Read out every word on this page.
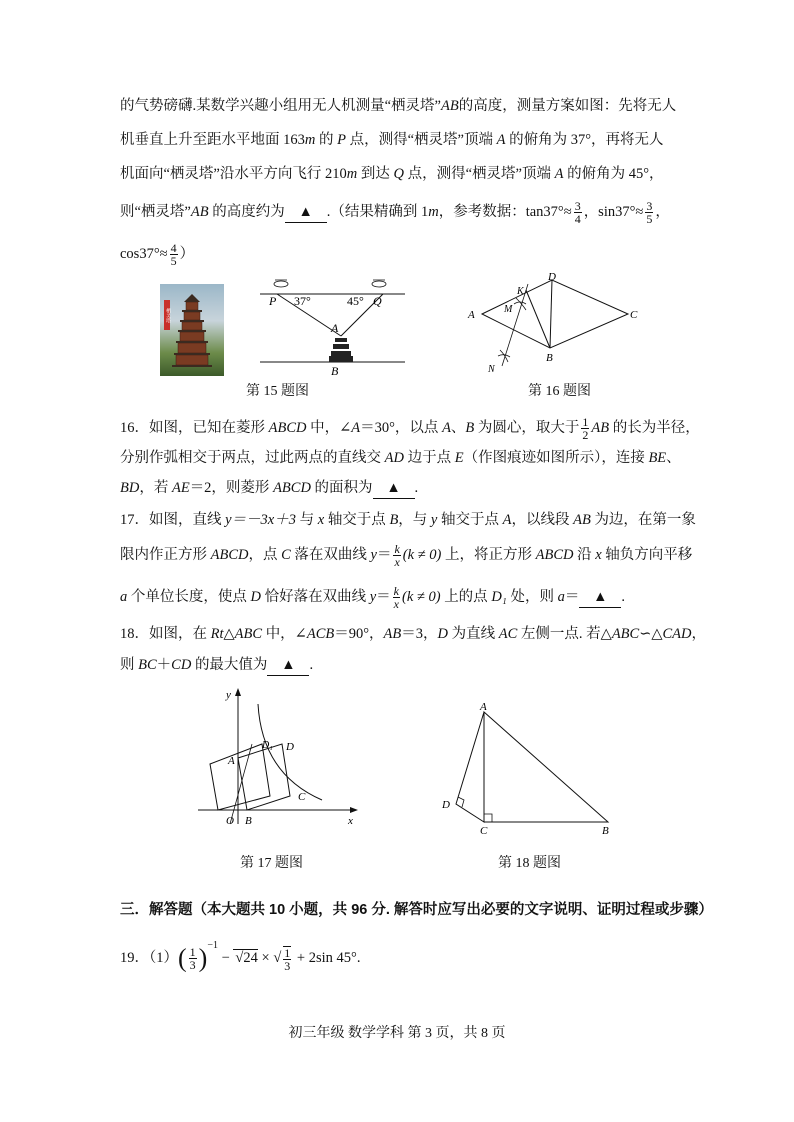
的气势磅礴.某数学兴趣小组用无人机测量“栖灵塔”AB的高度，测量方案如图：先将无人
机垂直上升至距水平地面 163m 的 P 点，测得“栖灵塔”顶端 A 的俯角为 37°，再将无人
机面向“栖灵塔”沿水平方向飞行 210m 到达 Q 点，测得“栖灵塔”顶端 A 的俯角为 45°，
则“栖灵塔”AB 的高度约为 ▲ .（结果精确到 1m，参考数据：$\tan 37^\circ\approx \frac{3}{4}$ ，$\sin 37^\circ\approx \frac{3}{5}$ ，
$\cos 37^\circ\approx \frac{4}{5}$ ）
栖灵塔
P 37°	45° Q
A
B
第 15 题图
A
D
C
B
K
M
N
第 16 题图
16．如图，已知在菱形 ABCD 中，∠A＝30°，以点 A、B 为圆心，取大于 $\frac{1}{2}$ AB 的长为半径，
分别作弧相交于两点，过此两点的直线交 AD 边于点 E（作图痕迹如图所示），连接 BE、
BD，若 AE＝2，则菱形 ABCD 的面积为 ▲ .
17．如图，直线 y＝－3x＋3 与 x 轴交于点 B，与 y 轴交于点 A，以线段 AB 为边，在第一象
限内作正方形 ABCD，点 C 落在双曲线 $y= \frac{k}{x} (k \ne 0)$ 上，将正方形 ABCD 沿 x 轴负方向平移
a 个单位长度，使点 D 恰好落在双曲线 $y= \frac{k}{x} (k \ne 0)$ 上的点 D₁ 处，则 a＝ ▲ .
18．如图，在 Rt△ABC 中，∠ACB＝90°，AB＝3，D 为直线 AC 左侧一点. 若△ABC∽△CAD，
则 BC＋CD 的最大值为 ▲ .
y
x
O
A
B
C
D
D₁
第 17 题图
A
D
C	B
第 18 题图
三．解答题（本大题共 10 小题，共 96 分. 解答时应写出必要的文字说明、证明过程或步骤）
19．$(1)( \frac{1}{3} )^{-1} - √24$ × √ $\frac{1}{3} + 2\sin$ 45°.
初三年级 数学学科 第 3 页，共 8 页
